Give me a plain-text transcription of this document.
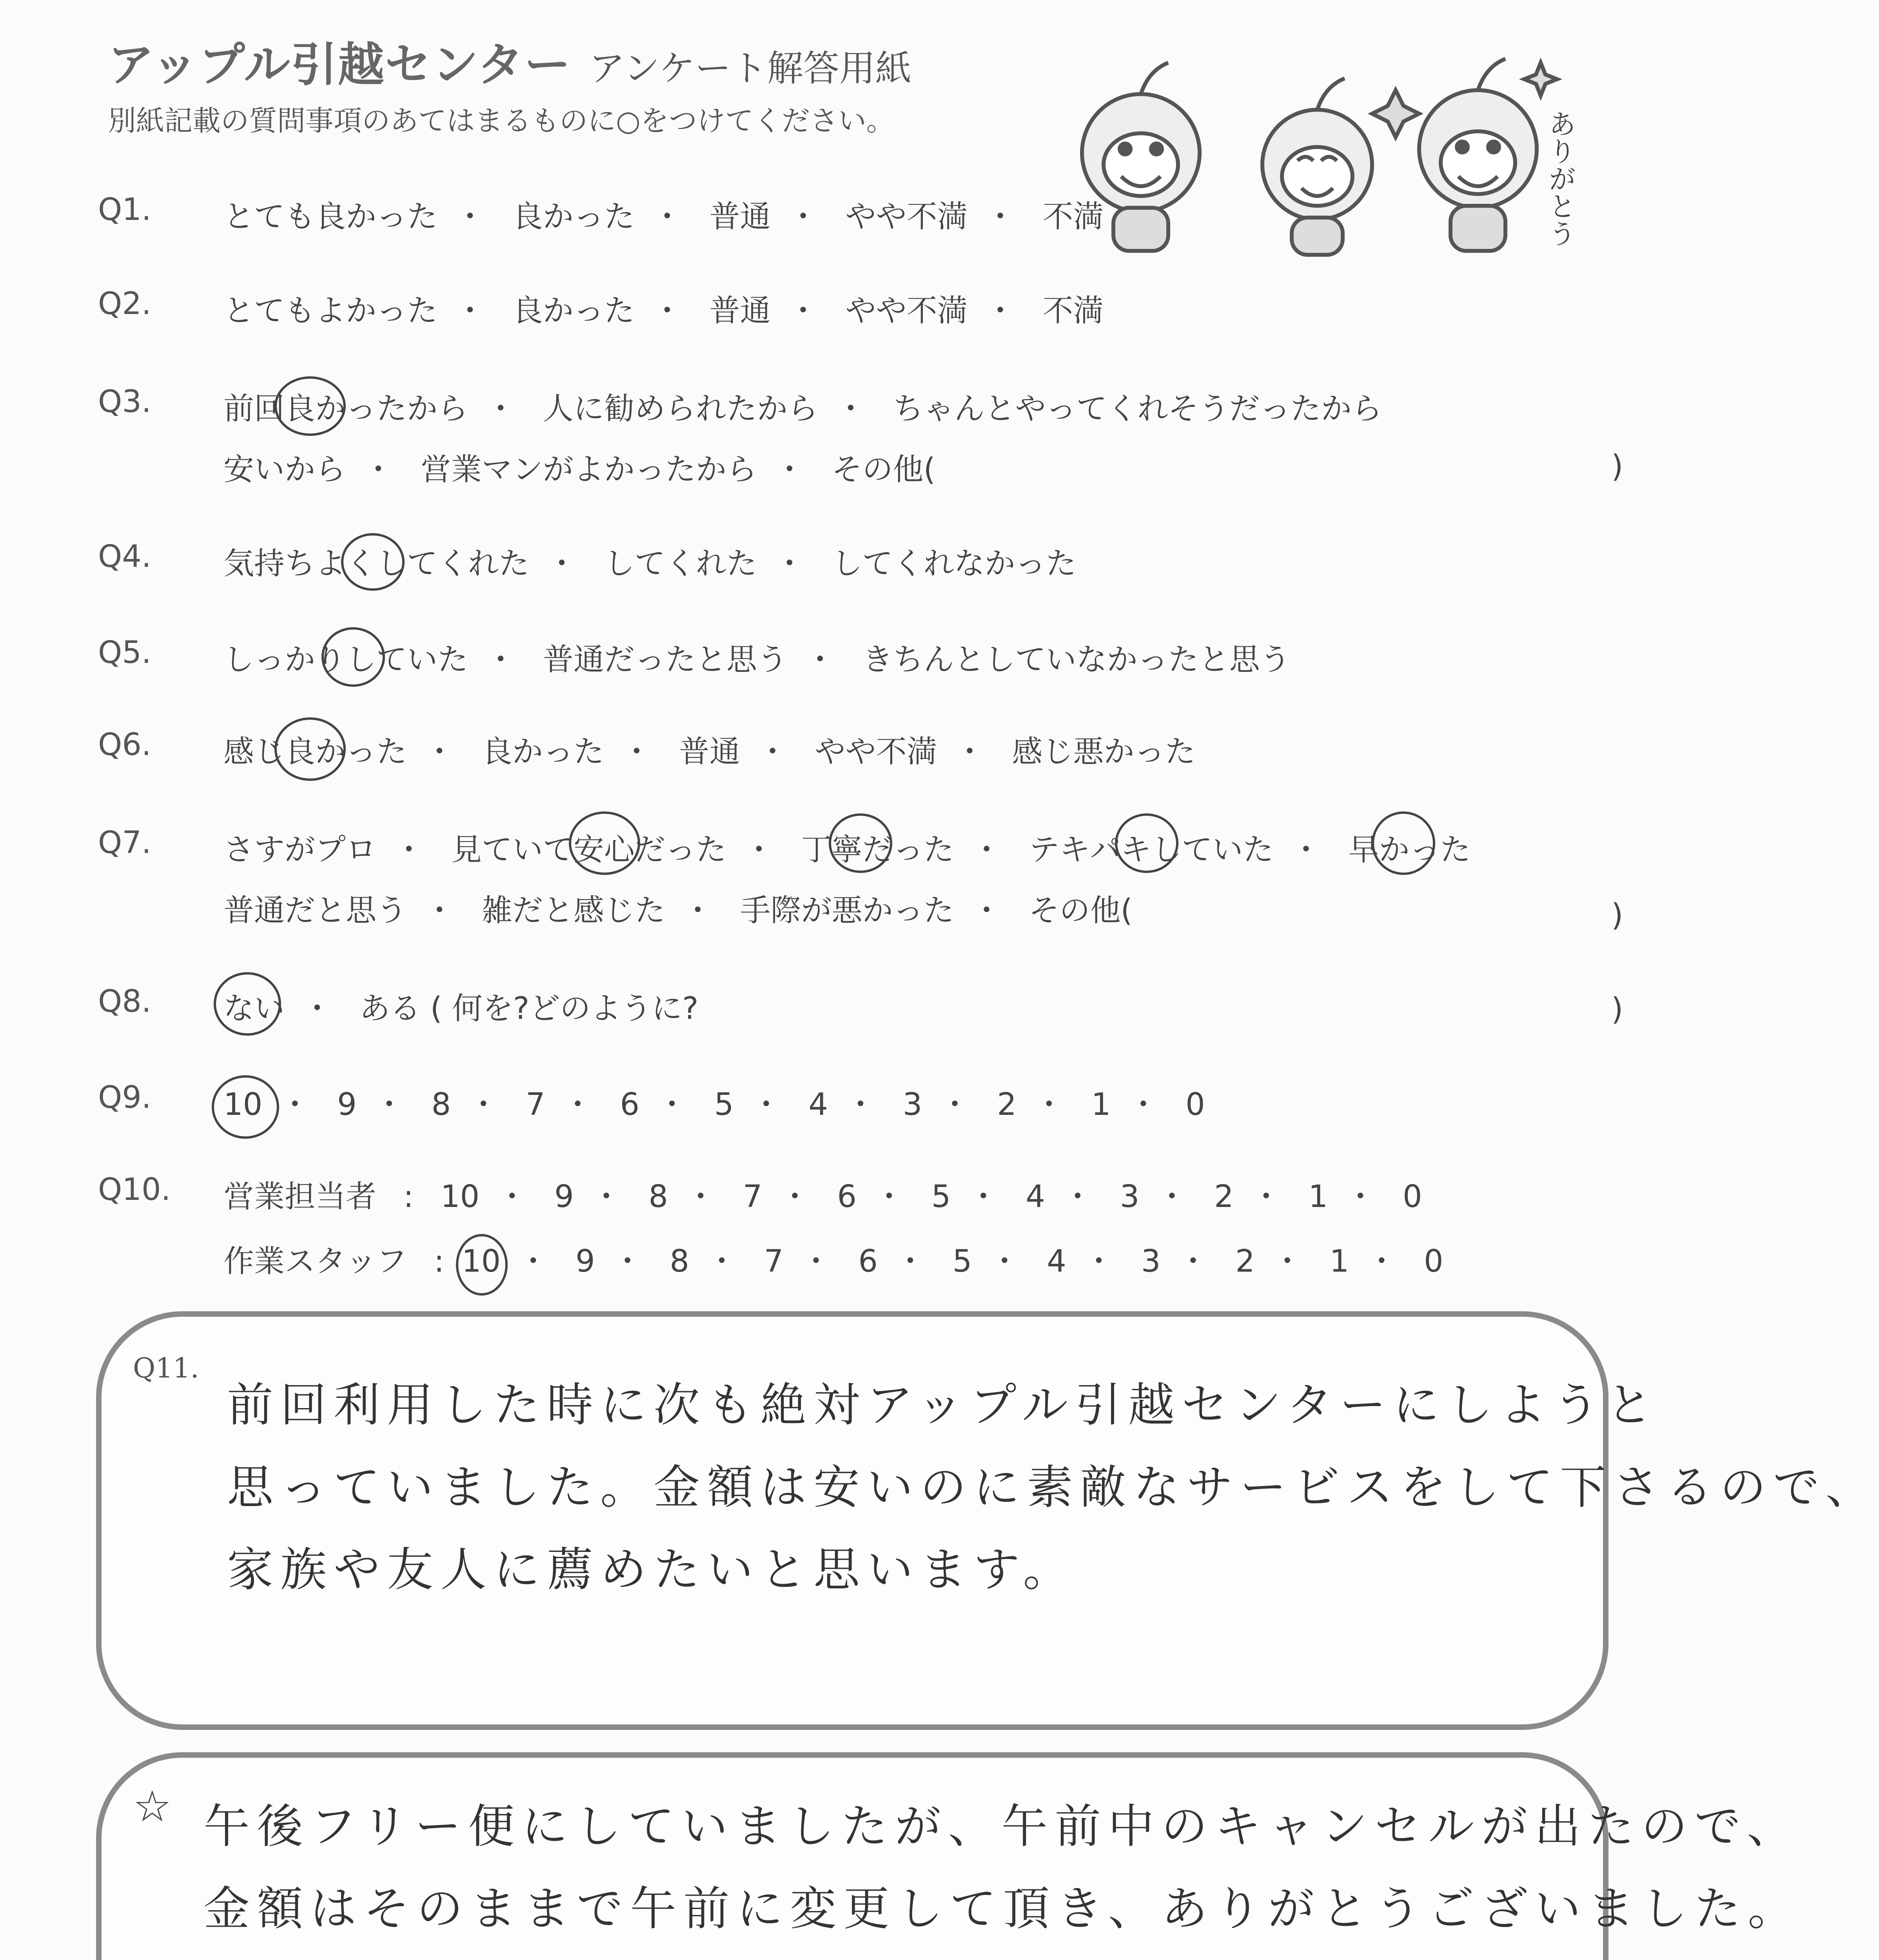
アップル引越センター アンケート解答用紙
別紙記載の質問事項のあてはまるものに○をつけてください。	ありがとう
Q1. とても良かった ・ 良かった ・ 普通 ・ やや不満 ・ 不満
Q2. とてもよかった ・ 良かった ・ 普通 ・ やや不満 ・ 不満
Q3. 前回良かったから ・ 人に勧められたから ・ ちゃんとやってくれそうだったから
安いから ・ 営業マンがよかったから ・ その他(	)
Q4. 気持ちよくしてくれた ・ してくれた ・ してくれなかった
Q5. しっかりしていた ・ 普通だったと思う ・ きちんとしていなかったと思う
Q6. 感じ良かった ・ 良かった ・ 普通 ・ やや不満 ・ 感じ悪かった
Q7. さすがプロ ・ 見ていて安心だった ・ 丁寧だった ・ テキパキしていた ・ 早かった
普通だと思う ・ 雑だと感じた ・ 手際が悪かった ・ その他(	)
Q8. ない ・ ある ( 何を?どのように?	)
Q9. 10 ・ 9 ・ 8 ・ 7 ・ 6 ・ 5 ・ 4 ・ 3 ・ 2 ・ 1 ・ 0
Q10. 営業担当者 : 10 ・ 9 ・ 8 ・ 7 ・ 6 ・ 5 ・ 4 ・ 3 ・ 2 ・ 1 ・ 0
作業スタッフ : 10 ・ 9 ・ 8 ・ 7 ・ 6 ・ 5 ・ 4 ・ 3 ・ 2 ・ 1 ・ 0
Q11.
前回利用した時に次も絶対アップル引越センターにしようと
思っていました。金額は安いのに素敵なサービスをして下さるので、
家族や友人に薦めたいと思います。
☆ 午後フリー便にしていましたが、午前中のキャンセルが出たので、
金額はそのままで午前に変更して頂き、ありがとうございました。
